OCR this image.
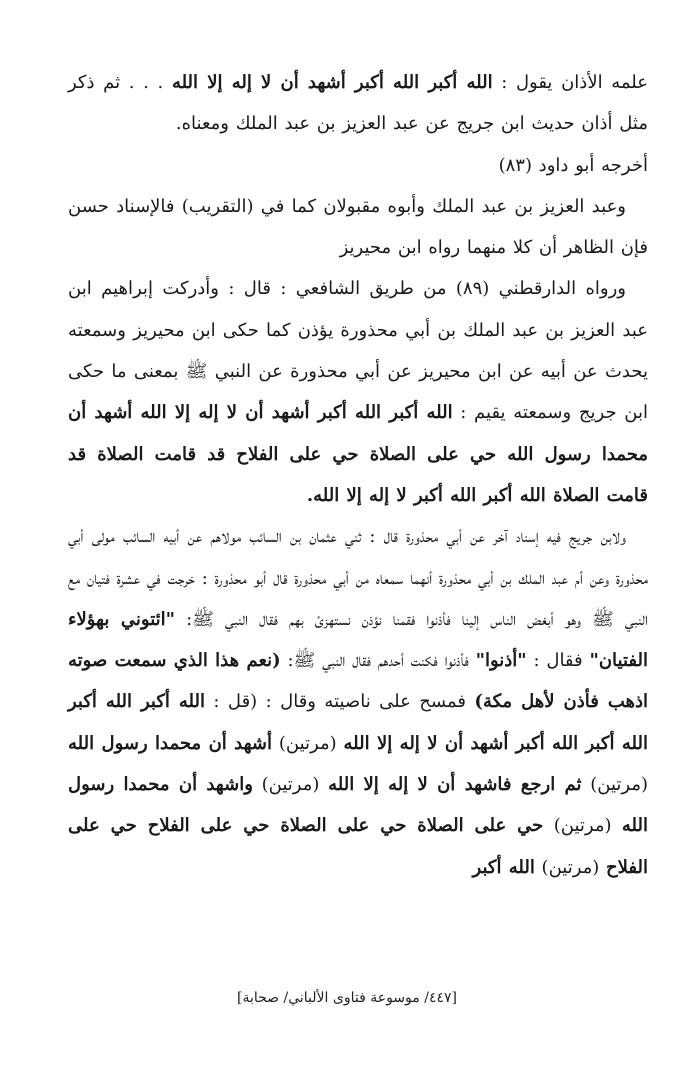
علمه الأذان يقول : الله أكبر الله أكبر أشهد أن لا إله إلا الله . . . ثم ذكر مثل أذان حديث ابن جريج عن عبد العزيز بن عبد الملك ومعناه.

أخرجه أبو داود (٨٣)

وعبد العزيز بن عبد الملك وأبوه مقبولان كما في (التقريب) فالإسناد حسن فإن الظاهر أن كلا منهما رواه ابن محيريز

ورواه الدارقطني (٨٩) من طريق الشافعي : قال : وأدركت إبراهيم ابن عبد العزيز بن عبد الملك بن أبي محذورة يؤذن كما حكى ابن محيريز وسمعته يحدث عن أبيه عن ابن محيريز عن أبي محذورة عن النبي ﷺ بمعنى ما حكى ابن جريج وسمعته يقيم : الله أكبر الله أكبر أشهد أن لا إله إلا الله أشهد أن محمدا رسول الله حي على الصلاة حي على الفلاح قد قامت الصلاة قد قامت الصلاة الله أكبر الله أكبر لا إله إلا الله.

ولابن جريج فيه إسناد آخر عن أبي محذورة قال : ثني عثمان بن السائب مولاهم عن أبيه السائب مولى أبي محذورة وعن أم عبد الملك بن أبي محذورة أنهما سمعاه من أبي محذورة قال أبو محذورة : خرجت في عشرة فتيان مع النبي ﷺ وهو أبغض الناس إلينا فأذنوا فقمنا نؤذن نستهزئ بهم فقال النبي ﷺ: "ائتوني بهؤلاء الفتيان" فقال : "أذنوا" فأذنوا فكنت أحدهم فقال النبي ﷺ: (نعم هذا الذي سمعت صوته اذهب فأذن لأهل مكة) فمسح على ناصيته وقال : (قل : الله أكبر الله أكبر الله أكبر الله أكبر أشهد أن لا إله إلا الله (مرتين) أشهد أن محمدا رسول الله (مرتين) ثم ارجع فاشهد أن لا إله إلا الله (مرتين) واشهد أن محمدا رسول الله (مرتين) حي على الصلاة حي على الصلاة حي على الفلاح حي على الفلاح (مرتين) الله أكبر

[٤٤٧/ موسوعة فتاوى الألباني/ صحابة]
